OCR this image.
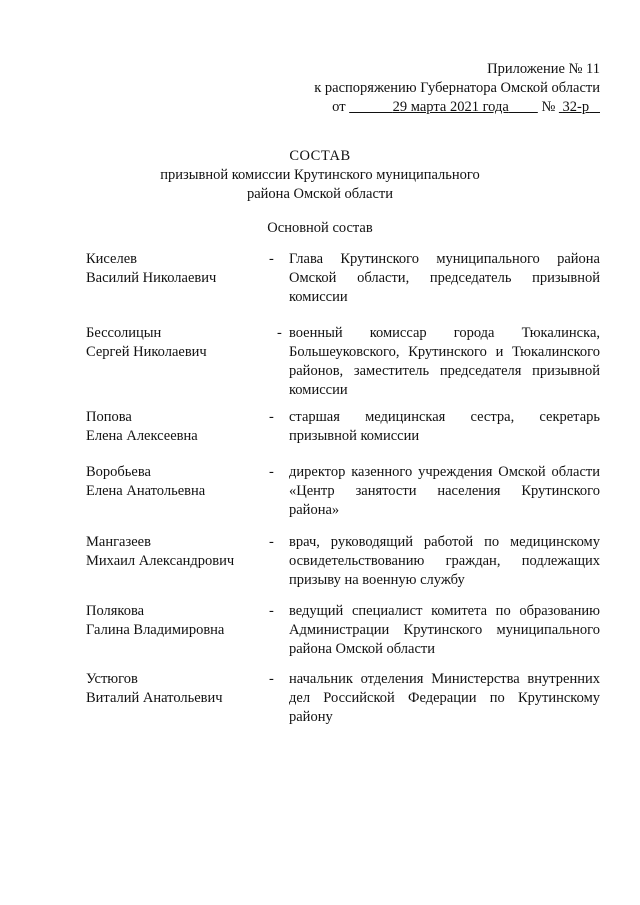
Приложение № 11
к распоряжению Губернатора Омской области
от	29 марта 2021 года № 32-р
СОСТАВ
призывной комиссии Крутинского муниципального
района Омской области
Основной состав
Киселев
Василий Николаевич
- Глава Крутинского муниципального района Омской области, председатель призывной комиссии
Бессолицын
Сергей Николаевич
- военный комиссар города Тюкалинска, Большеуковского, Крутинского и Тюкалинского районов, заместитель председателя призывной комиссии
Попова
Елена Алексеевна
- старшая медицинская сестра, секретарь призывной комиссии
Воробьева
Елена Анатольевна
- директор казенного учреждения Омской области «Центр занятости населения Крутинского района»
Мангазеев
Михаил Александрович
- врач, руководящий работой по медицинскому освидетельствованию граждан, подлежащих призыву на военную службу
Полякова
Галина Владимировна
- ведущий специалист комитета по образованию Администрации Крутинского муниципального района Омской области
Устюгов
Виталий Анатольевич
- начальник отделения Министерства внутренних дел Российской Федерации по Крутинскому району
